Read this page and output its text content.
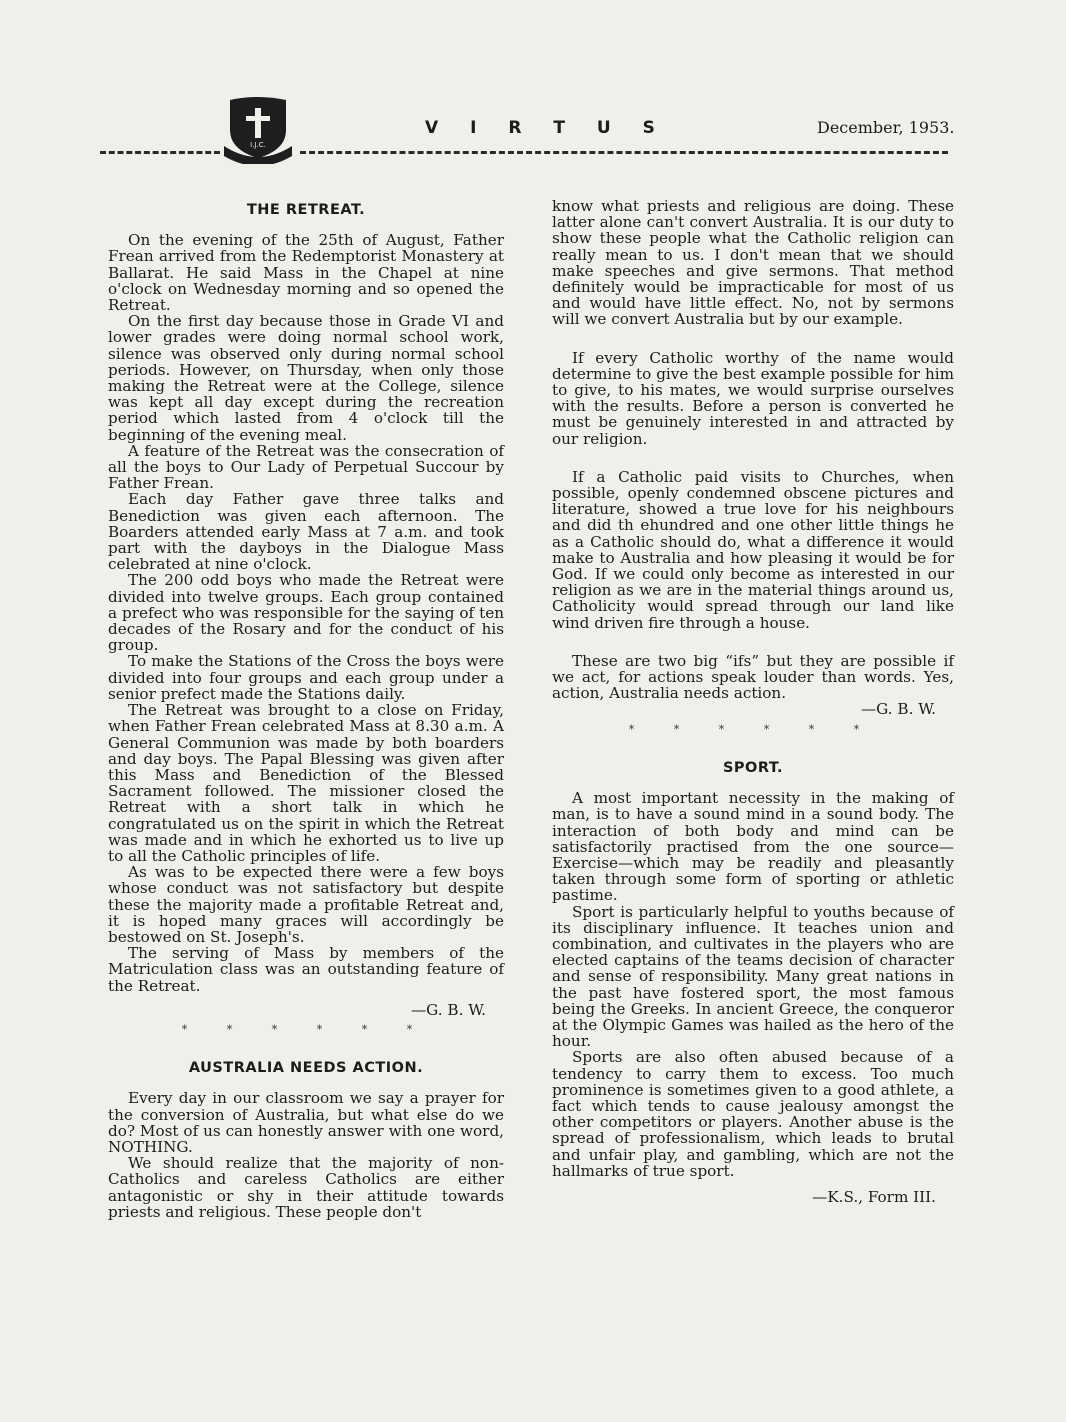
I.J.C.
V I R T U S	December, 1953.
THE RETREAT.

On the evening of the 25th of August, Father Frean arrived from the Redemptorist Monastery at Ballarat. He said Mass in the Chapel at nine o'clock on Wednesday morning and so opened the Retreat.

On the first day because those in Grade VI and lower grades were doing normal school work, silence was observed only during normal school periods. However, on Thursday, when only those making the Retreat were at the College, silence was kept all day except during the recreation period which lasted from 4 o'clock till the beginning of the evening meal.

A feature of the Retreat was the consecration of all the boys to Our Lady of Perpetual Succour by Father Frean.

Each day Father gave three talks and Benediction was given each afternoon. The Boarders attended early Mass at 7 a.m. and took part with the dayboys in the Dialogue Mass celebrated at nine o'clock.

The 200 odd boys who made the Retreat were divided into twelve groups. Each group contained a prefect who was responsible for the saying of ten decades of the Rosary and for the conduct of his group.

To make the Stations of the Cross the boys were divided into four groups and each group under a senior prefect made the Stations daily.

The Retreat was brought to a close on Friday, when Father Frean celebrated Mass at 8.30 a.m. A General Communion was made by both boarders and day boys. The Papal Blessing was given after this Mass and Benediction of the Blessed Sacrament followed. The missioner closed the Retreat with a short talk in which he congratulated us on the spirit in which the Retreat was made and in which he exhorted us to live up to all the Catholic principles of life.

As was to be expected there were a few boys whose conduct was not satisfactory but despite these the majority made a profitable Retreat and, it is hoped many graces will accordingly be bestowed on St. Joseph's.

The serving of Mass by members of the Matriculation class was an outstanding feature of the Retreat.

—G. B. W.

* * * * * *
AUSTRALIA NEEDS ACTION.

Every day in our classroom we say a prayer for the conversion of Australia, but what else do we do? Most of us can honestly answer with one word, NOTHING.

We should realize that the majority of non-Catholics and careless Catholics are either antagonistic or shy in their attitude towards priests and religious. These people don't

know what priests and religious are doing. These latter alone can't convert Australia. It is our duty to show these people what the Catholic religion can really mean to us. I don't mean that we should make speeches and give sermons. That method definitely would be impracticable for most of us and would have little effect. No, not by sermons will we convert Australia but by our example.

If every Catholic worthy of the name would determine to give the best example possible for him to give, to his mates, we would surprise ourselves with the results. Before a person is converted he must be genuinely interested in and attracted by our religion.

If a Catholic paid visits to Churches, when possible, openly condemned obscene pictures and literature, showed a true love for his neighbours and did th ehundred and one other little things he as a Catholic should do, what a difference it would make to Australia and how pleasing it would be for God. If we could only become as interested in our religion as we are in the material things around us, Catholicity would spread through our land like wind driven fire through a house.

These are two big “ifs” but they are possible if we act, for actions speak louder than words. Yes, action, Australia needs action.

—G. B. W.

* * * * * *
SPORT.

A most important necessity in the making of man, is to have a sound mind in a sound body. The interaction of both body and mind can be satisfactorily practised from the one source—Exercise—which may be readily and pleasantly taken through some form of sporting or athletic pastime.

Sport is particularly helpful to youths because of its disciplinary influence. It teaches union and combination, and cultivates in the players who are elected captains of the teams decision of character and sense of responsibility. Many great nations in the past have fostered sport, the most famous being the Greeks. In ancient Greece, the conqueror at the Olympic Games was hailed as the hero of the hour.

Sports are also often abused because of a tendency to carry them to excess. Too much prominence is sometimes given to a good athlete, a fact which tends to cause jealousy amongst the other competitors or players. Another abuse is the spread of professionalism, which leads to brutal and unfair play, and gambling, which are not the hallmarks of true sport.

—K.S., Form III.
